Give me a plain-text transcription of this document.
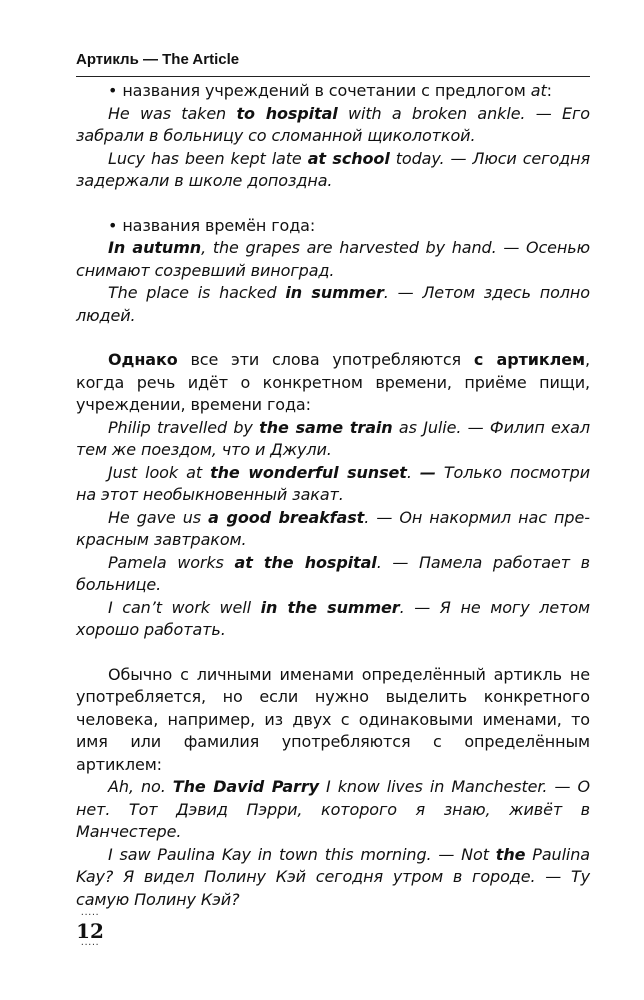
Артикль — The Article

• названия учреждений в сочетании с предлогом at:

He was taken to hospital with a broken ankle. — Его забрали в больницу со сломанной щиколоткой.

Lucy has been kept late at school today. — Люси сегодня задержали в школе допоздна.

• названия времён года:

In autumn, the grapes are harvested by hand. — Осенью снимают созревший виноград.

The place is hacked in summer. — Летом здесь полно людей.

Однако все эти слова употребляются с артиклем, когда речь идёт о конкретном времени, приёме пищи, учреждении, времени года:

Philip travelled by the same train as Julie. — Филип ехал тем же поездом, что и Джули.

Just look at the wonderful sunset. — Только посмотри на этот необыкновенный закат.

He gave us a good breakfast. — Он накормил нас прекрасным завтраком.

Pamela works at the hospital. — Памела работает в больнице.

I can’t work well in the summer. — Я не могу летом хорошо работать.

Обычно с личными именами определённый артикль не употребляется, но если нужно выделить конкретного человека, например, из двух с одинаковыми именами, то имя или фамилия употребляются с определённым артиклем:

Ah, no. The David Parry I know lives in Manchester. — О нет. Тот Дэвид Пэрри, которого я знаю, живёт в Манчестере.

I saw Paulina Kay in town this morning. — Not the Paulina Kay? Я видел Полину Кэй сегодня утром в городе. — Ту самую Полину Кэй?

·····
12
·····
